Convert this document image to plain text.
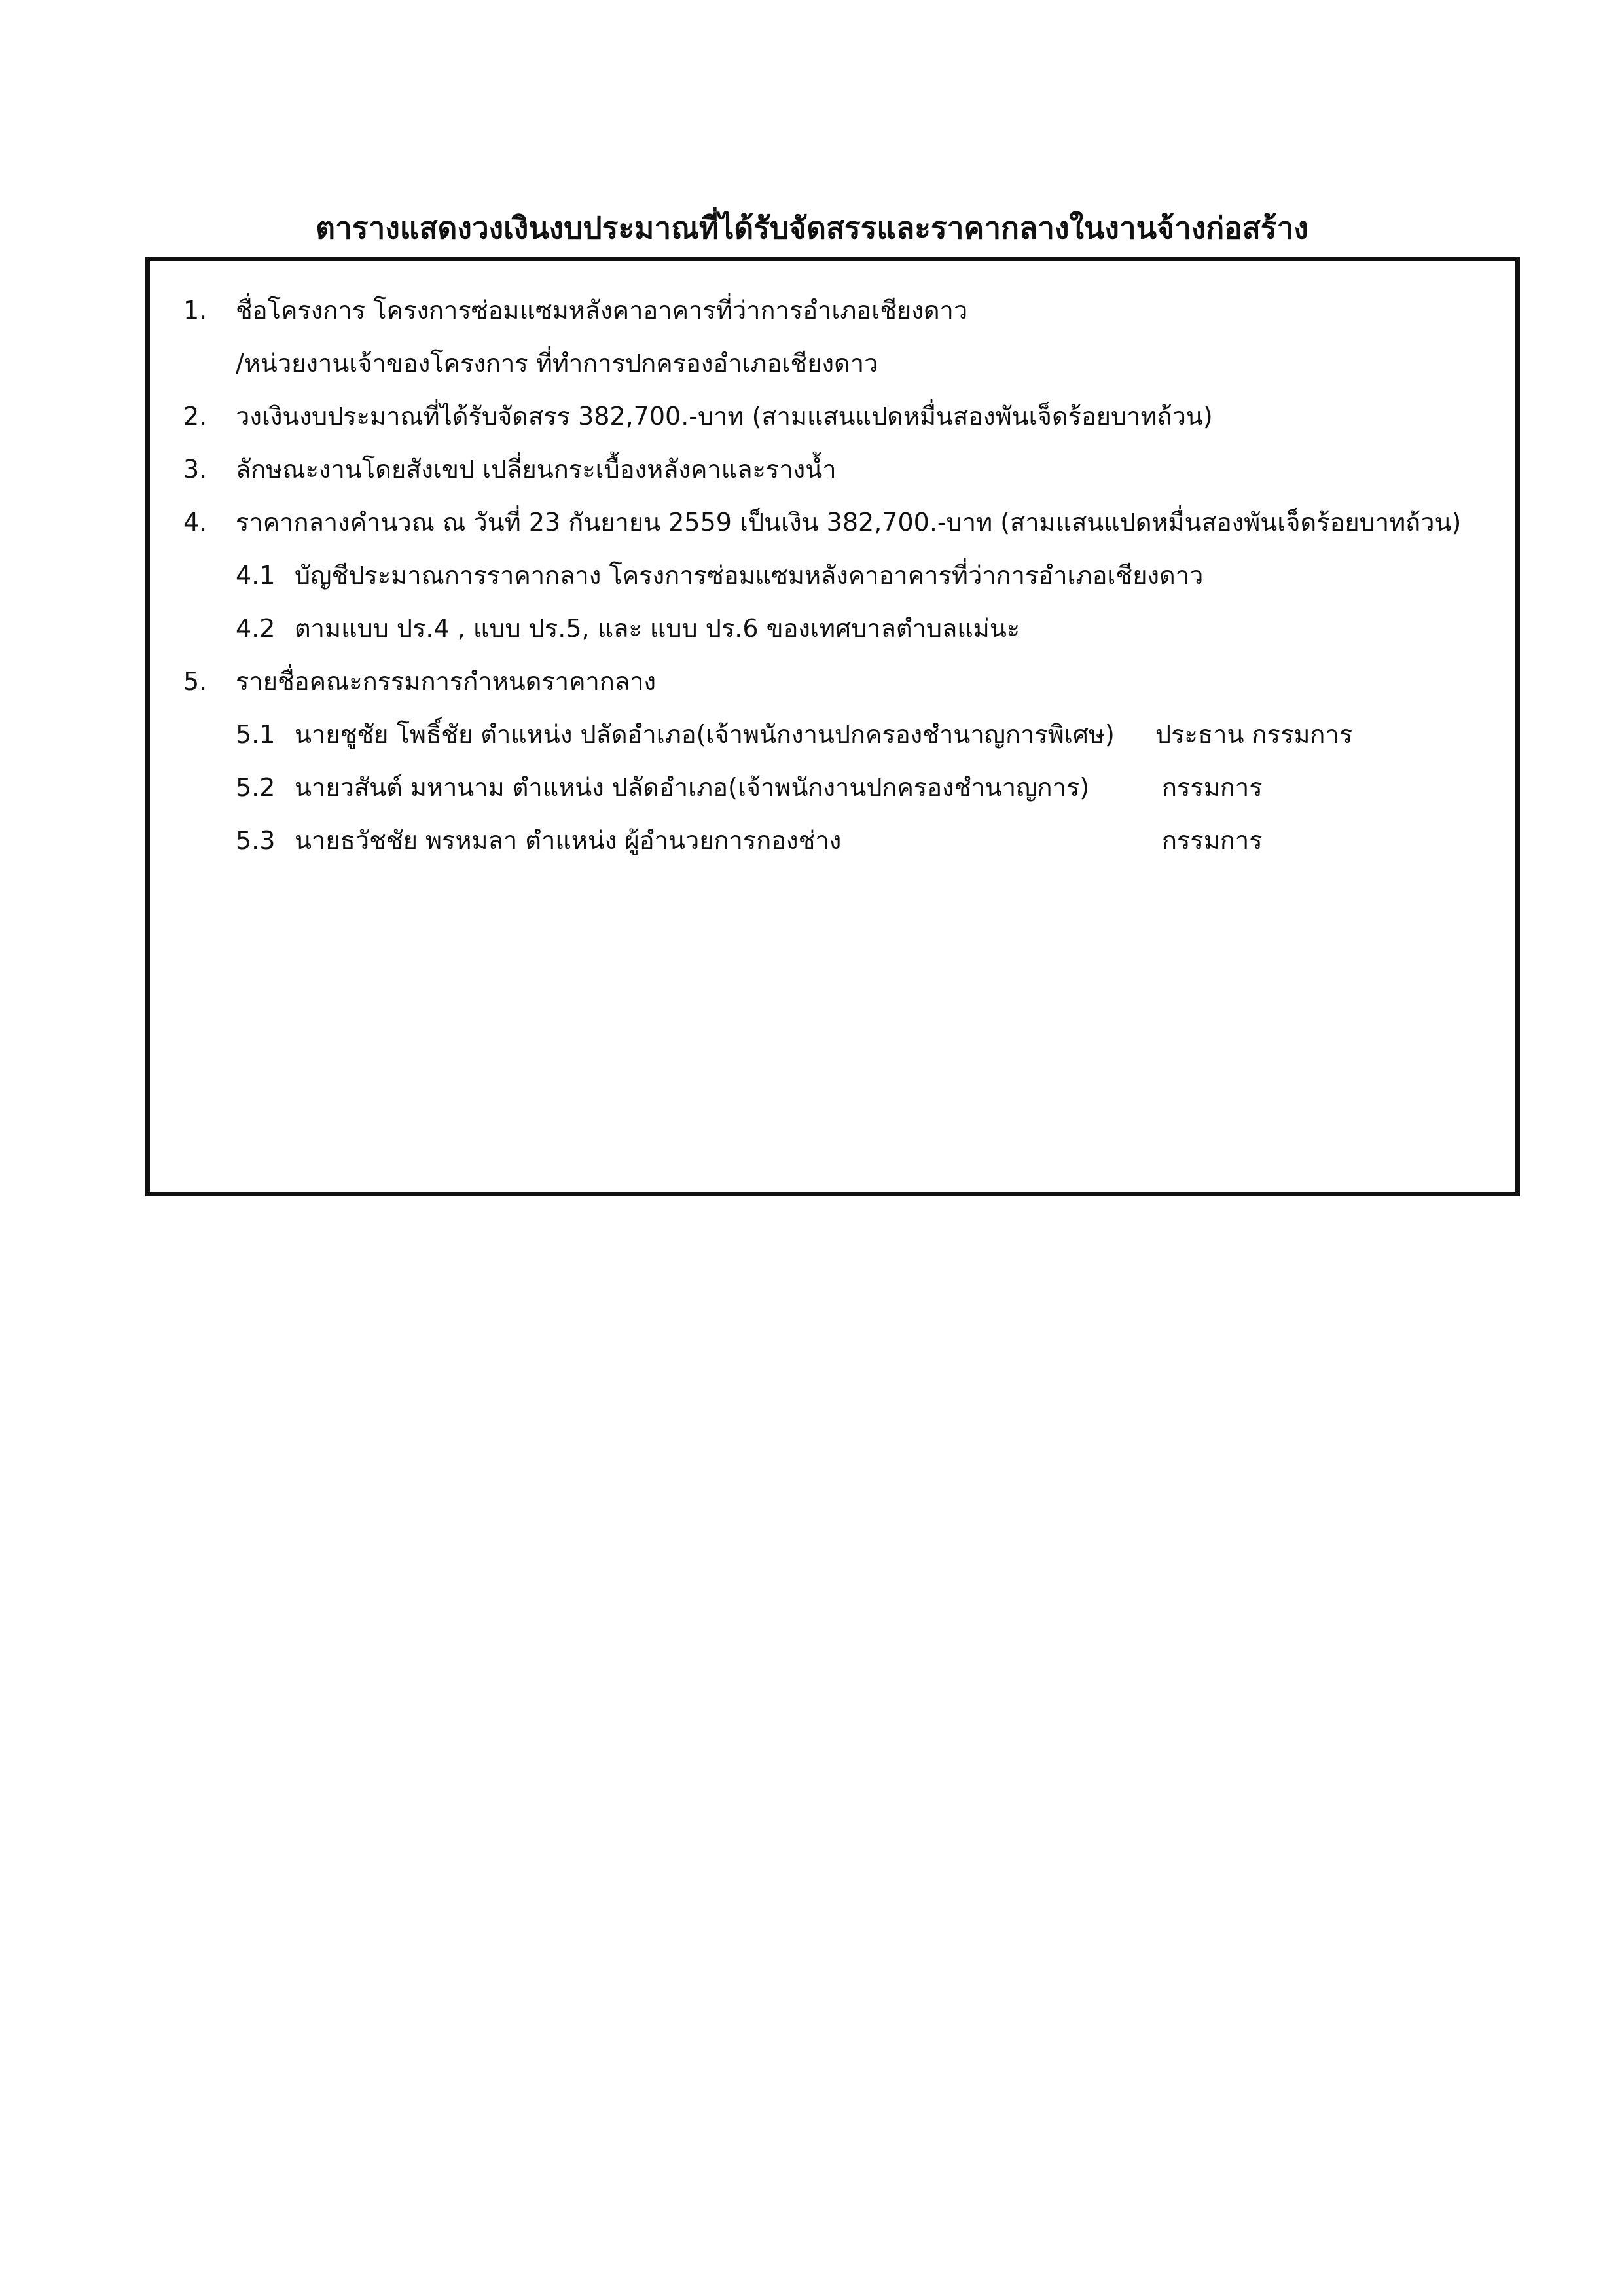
ตารางแสดงวงเงินงบประมาณที่ได้รับจัดสรรและราคากลางในงานจ้างก่อสร้าง
1. ชื่อโครงการ โครงการซ่อมแซมหลังคาอาคารที่ว่าการอำเภอเชียงดาว
/หน่วยงานเจ้าของโครงการ ที่ทำการปกครองอำเภอเชียงดาว
2. วงเงินงบประมาณที่ได้รับจัดสรร 382,700.-บาท (สามแสนแปดหมื่นสองพันเจ็ดร้อยบาทถ้วน)
3. ลักษณะงานโดยสังเขป เปลี่ยนกระเบื้องหลังคาและรางน้ำ
4. ราคากลางคำนวณ ณ วันที่ 23 กันยายน 2559 เป็นเงิน 382,700.-บาท (สามแสนแปดหมื่นสองพันเจ็ดร้อยบาทถ้วน)
4.1 บัญชีประมาณการราคากลาง โครงการซ่อมแซมหลังคาอาคารที่ว่าการอำเภอเชียงดาว
4.2 ตามแบบ ปร.4 , แบบ ปร.5, และ แบบ ปร.6 ของเทศบาลตำบลแม่นะ
5. รายชื่อคณะกรรมการกำหนดราคากลาง
5.1 นายชูชัย โพธิ์ชัย ตำแหน่ง ปลัดอำเภอ(เจ้าพนักงานปกครองชำนาญการพิเศษ) ประธาน กรรมการ
5.2 นายวสันต์ มหานาม ตำแหน่ง ปลัดอำเภอ(เจ้าพนักงานปกครองชำนาญการ)	กรรมการ
5.3 นายธวัชชัย พรหมลา ตำแหน่ง ผู้อำนวยการกองช่าง	กรรมการ
